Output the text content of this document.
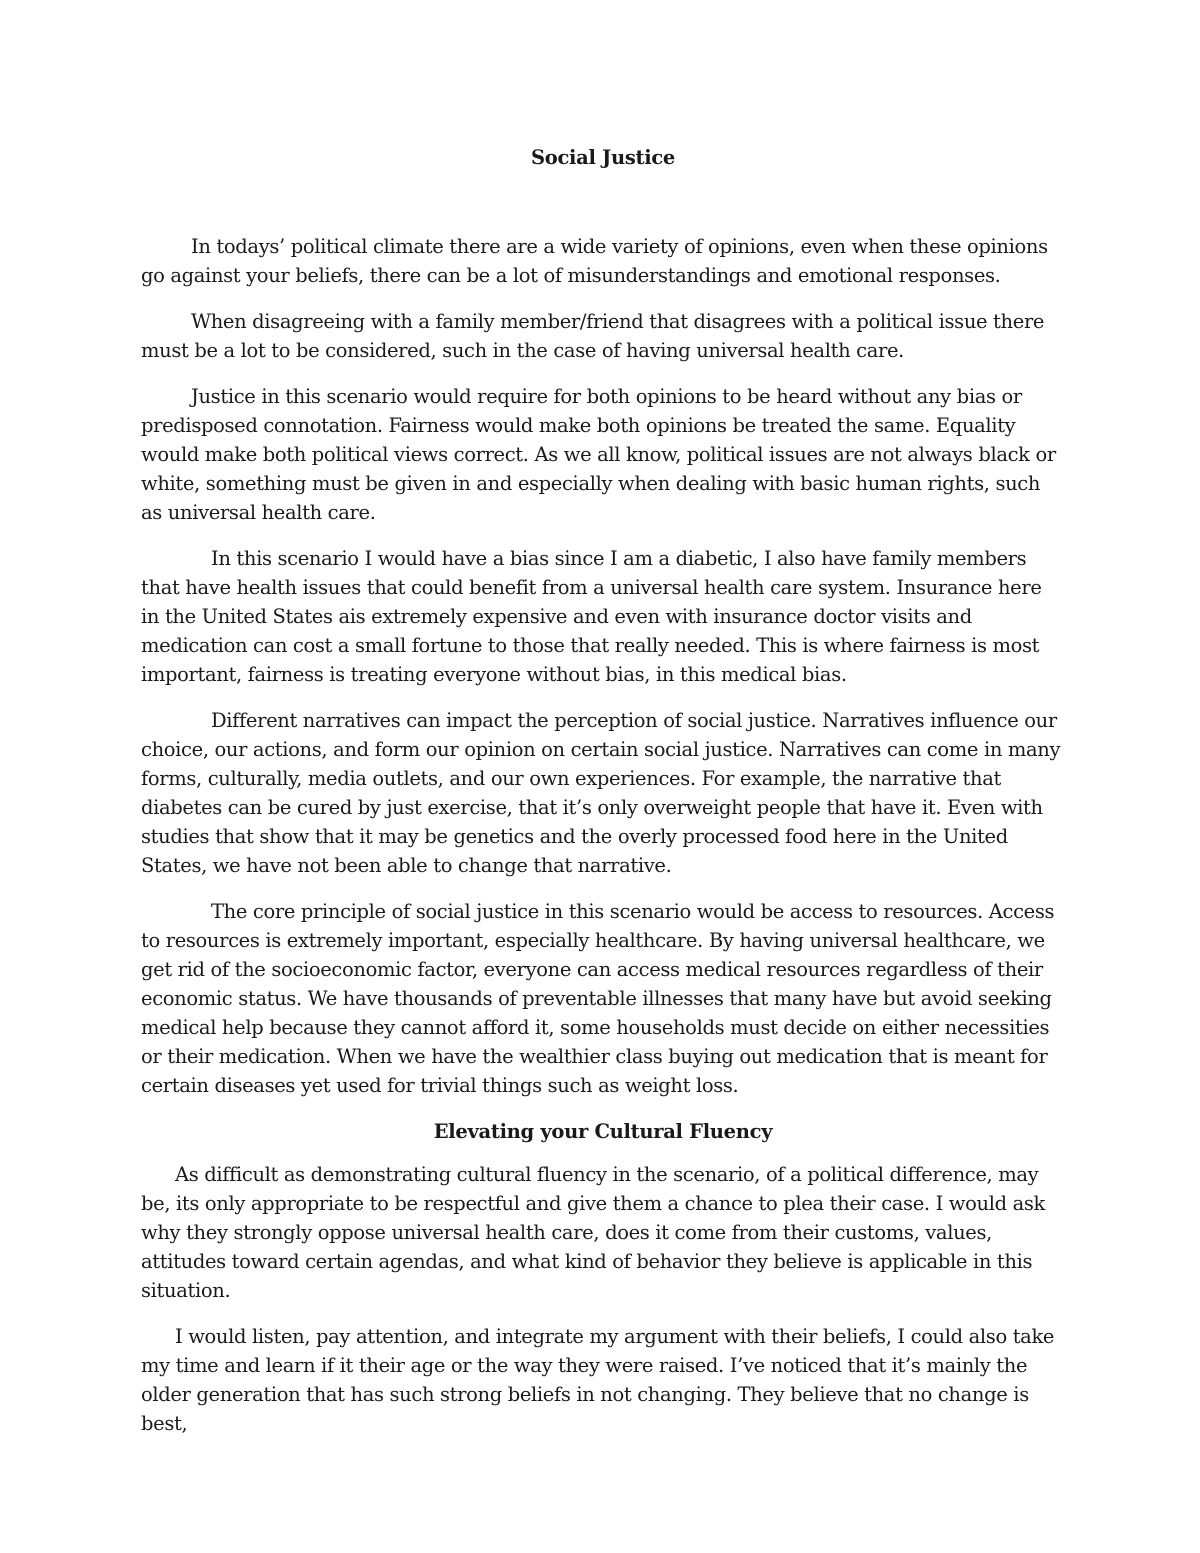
Social Justice

In todays’ political climate there are a wide variety of opinions, even when these opinions go against your beliefs, there can be a lot of misunderstandings and emotional responses.

When disagreeing with a family member/friend that disagrees with a political issue there must be a lot to be considered, such in the case of having universal health care.

Justice in this scenario would require for both opinions to be heard without any bias or predisposed connotation. Fairness would make both opinions be treated the same. Equality would make both political views correct. As we all know, political issues are not always black or white, something must be given in and especially when dealing with basic human rights, such as universal health care.

In this scenario I would have a bias since I am a diabetic, I also have family members that have health issues that could benefit from a universal health care system. Insurance here in the United States ais extremely expensive and even with insurance doctor visits and medication can cost a small fortune to those that really needed. This is where fairness is most important, fairness is treating everyone without bias, in this medical bias.

Different narratives can impact the perception of social justice. Narratives influence our choice, our actions, and form our opinion on certain social justice. Narratives can come in many forms, culturally, media outlets, and our own experiences. For example, the narrative that diabetes can be cured by just exercise, that it’s only overweight people that have it. Even with studies that show that it may be genetics and the overly processed food here in the United States, we have not been able to change that narrative.

The core principle of social justice in this scenario would be access to resources. Access to resources is extremely important, especially healthcare. By having universal healthcare, we get rid of the socioeconomic factor, everyone can access medical resources regardless of their economic status. We have thousands of preventable illnesses that many have but avoid seeking medical help because they cannot afford it, some households must decide on either necessities or their medication. When we have the wealthier class buying out medication that is meant for certain diseases yet used for trivial things such as weight loss.

Elevating your Cultural Fluency

As difficult as demonstrating cultural fluency in the scenario, of a political difference, may be, its only appropriate to be respectful and give them a chance to plea their case. I would ask why they strongly oppose universal health care, does it come from their customs, values, attitudes toward certain agendas, and what kind of behavior they believe is applicable in this situation.

I would listen, pay attention, and integrate my argument with their beliefs, I could also take my time and learn if it their age or the way they were raised. I’ve noticed that it’s mainly the older generation that has such strong beliefs in not changing. They believe that no change is best,
